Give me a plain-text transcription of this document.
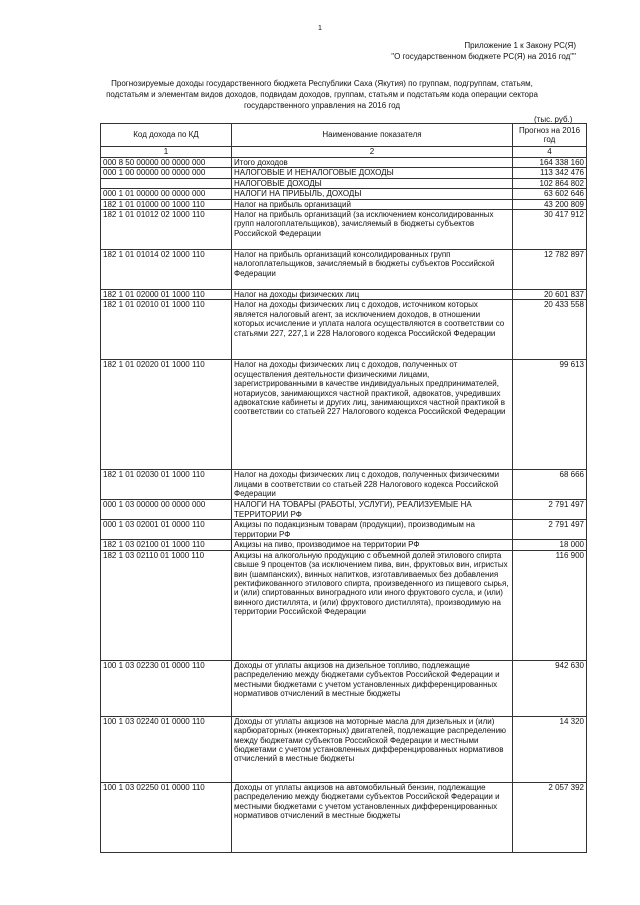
1
Приложение 1 к Закону РС(Я)
"О государственном бюджете РС(Я) на 2016 год""
Прогнозируемые доходы государственного бюджета Республики Саха (Якутия) по группам, подгруппам, статьям, подстатьям и элементам видов доходов, подвидам доходов, группам, статьям и подстатьям кода операции сектора государственного управления на 2016 год
(тыс. руб.)
Код дохода по КД	Наименование показателя	Прогноз на 2016 год
1	2	4
000 8 50 00000 00 0000 000	Итого доходов	164 338 160
000 1 00 00000 00 0000 000	НАЛОГОВЫЕ И НЕНАЛОГОВЫЕ ДОХОДЫ	113 342 476
	НАЛОГОВЫЕ ДОХОДЫ	102 864 802
000 1 01 00000 00 0000 000	НАЛОГИ НА ПРИБЫЛЬ, ДОХОДЫ	63 602 646
182 1 01 01000 00 1000 110	Налог на прибыль организаций	43 200 809
182 1 01 01012 02 1000 110	Налог на прибыль организаций (за исключением консолидированных групп налогоплательщиков), зачисляемый в бюджеты субъектов Российской Федерации	30 417 912
182 1 01 01014 02 1000 110	Налог на прибыль организаций консолидированных групп налогоплательщиков, зачисляемый в бюджеты субъектов Российской Федерации	12 782 897
182 1 01 02000 01 1000 110	Налог на доходы физических лиц	20 601 837
182 1 01 02010 01 1000 110	Налог на доходы физических лиц с доходов, источником которых является налоговый агент, за исключением доходов, в отношении которых исчисление и уплата налога осуществляются в соответствии со статьями 227, 227,1 и 228 Налогового кодекса Российской Федерации	20 433 558
182 1 01 02020 01 1000 110	Налог на доходы физических лиц с доходов, полученных от осуществления деятельности физическими лицами, зарегистрированными в качестве индивидуальных предпринимателей, нотариусов, занимающихся частной практикой, адвокатов, учредивших адвокатские кабинеты и других лиц, занимающихся частной практикой в соответствии со статьей 227 Налогового кодекса Российской Федерации	99 613
182 1 01 02030 01 1000 110	Налог на доходы физических лиц с доходов, полученных физическими лицами в соответствии со статьей 228 Налогового кодекса Российской Федерации	68 666
000 1 03 00000 00 0000 000	НАЛОГИ НА ТОВАРЫ (РАБОТЫ, УСЛУГИ), РЕАЛИЗУЕМЫЕ НА ТЕРРИТОРИИ РФ	2 791 497
000 1 03 02001 01 0000 110	Акцизы по подакцизным товарам (продукции), производимым на территории РФ	2 791 497
182 1 03 02100 01 1000 110	Акцизы на пиво, производимое на территории РФ	18 000
182 1 03 02110 01 1000 110	Акцизы на алкогольную продукцию с объемной долей этилового спирта свыше 9 процентов (за исключением пива, вин, фруктовых вин, игристых вин (шампанских), винных напитков, изготавливаемых без добавления ректификованного этилового спирта, произведенного из пищевого сырья, и (или) спиртованных виноградного или иного фруктового сусла, и (или) винного дистиллята, и (или) фруктового дистиллята), производимую на территории Российской Федерации	116 900
100 1 03 02230 01 0000 110	Доходы от уплаты акцизов на дизельное топливо, подлежащие распределению между бюджетами субъектов Российской Федерации и местными бюджетами с учетом установленных дифференцированных нормативов отчислений в местные бюджеты	942 630
100 1 03 02240 01 0000 110	Доходы от уплаты акцизов на моторные масла для дизельных и (или) карбюраторных (инжекторных) двигателей, подлежащие распределению между бюджетами субъектов Российской Федерации и местными бюджетами с учетом установленных дифференцированных нормативов отчислений в местные бюджеты	14 320
100 1 03 02250 01 0000 110	Доходы от уплаты акцизов на автомобильный бензин, подлежащие распределению между бюджетами субъектов Российской Федерации и местными бюджетами с учетом установленных дифференцированных нормативов отчислений в местные бюджеты	2 057 392
